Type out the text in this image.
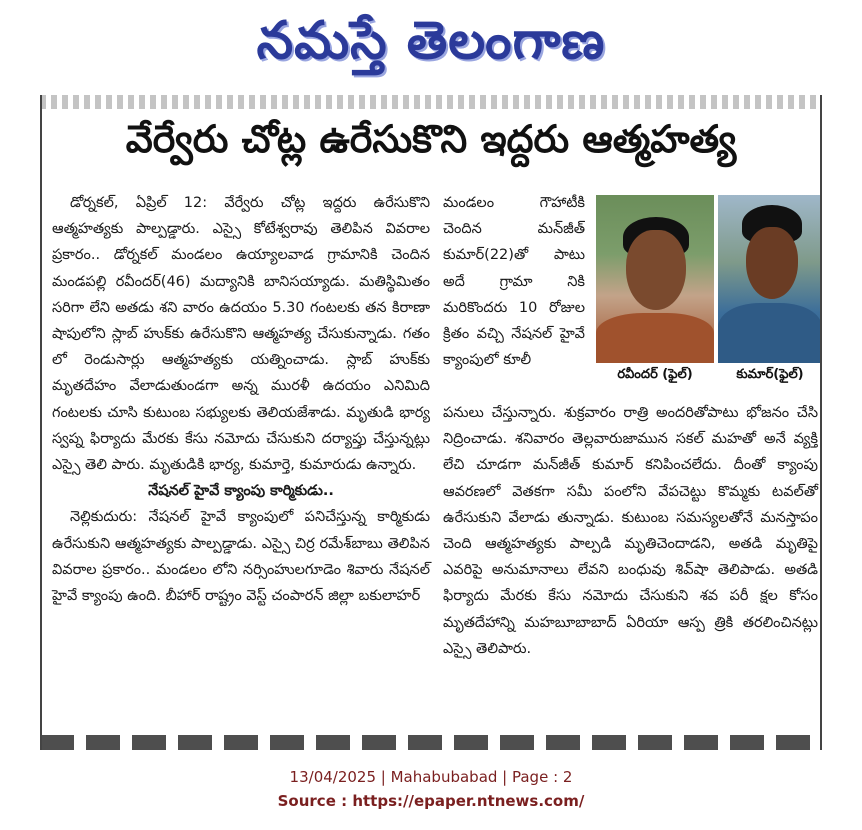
నమస్తే తెలంగాణ
వేర్వేరు చోట్ల ఉరేసుకొని ఇద్దరు ఆత్మహత్య
డోర్నకల్, ఏప్రిల్ 12: వేర్వేరు చోట్ల ఇద్దరు ఉరేసుకొని ఆత్మహత్యకు పాల్పడ్డారు. ఎస్సై కోటేశ్వరావు తెలిపిన వివరాల ప్రకారం.. డోర్నకల్ మండలం ఉయ్యాలవాడ గ్రామానికి చెందిన మండపల్లి రవీందర్(46) మద్యానికి బానిసయ్యాడు. మతిస్థిమితం సరిగా లేని అతడు శని వారం ఉదయం 5.30 గంటలకు తన కిరాణా షాపులోని స్లాబ్ హుక్‌కు ఉరేసుకొని ఆత్మహత్య చేసుకున్నాడు. గతం లో రెండుసార్లు ఆత్మహత్యకు యత్నించాడు. స్లాబ్ హుక్‌కు మృతదేహం వేలాడుతుండగా అన్న మురళీ ఉదయం ఎనిమిది గంటలకు చూసి కుటుంబ సభ్యులకు తెలియజేశాడు. మృతుడి భార్య స్వప్న ఫిర్యాదు మేరకు కేసు నమోదు చేసుకుని దర్యాప్తు చేస్తున్నట్లు ఎస్సై తెలి పారు. మృతుడికి భార్య, కుమార్తె, కుమారుడు ఉన్నారు.
నేషనల్ హైవే క్యాంపు కార్మికుడు..
నెల్లికుదురు: నేషనల్ హైవే క్యాంపులో పనిచేస్తున్న కార్మికుడు ఉరేసుకుని ఆత్మహత్యకు పాల్పడ్డాడు. ఎస్సై చిర్ర రమేశ్‌బాబు తెలిపిన వివరాల ప్రకారం.. మండలం లోని నర్సింహులగూడెం శివారు నేషనల్ హైవే క్యాంపు ఉంది. బీహార్ రాష్ట్రం వెస్ట్ చంపారన్ జిల్లా బకులాహర్
మండలం గౌహాటీకి చెందిన మన్‌జీత్ కుమార్(22)తో పాటు అదే గ్రామా నికి మరికొందరు 10 రోజుల క్రితం వచ్చి నేషనల్ హైవే క్యాంపులో కూలీ
రవీందర్ (ఫైల్)	కుమార్(ఫైల్)
పనులు చేస్తున్నారు. శుక్రవారం రాత్రి అందరితోపాటు భోజనం చేసి నిద్రించాడు. శనివారం తెల్లవారుజామున సకల్ మహతో అనే వ్యక్తి లేచి చూడగా మన్‌జీత్ కుమార్ కనిపించలేదు. దీంతో క్యాంపు ఆవరణలో వెతకగా సమీ పంలోని వేపచెట్టు కొమ్మకు టవల్‌తో ఉరేసుకుని వేలాడు తున్నాడు. కుటుంబ సమస్యలతోనే మనస్తాపం చెంది ఆత్మహత్యకు పాల్పడి మృతిచెందాడని, అతడి మృతిపై ఎవరిపై అనుమానాలు లేవని బంధువు శివ్‌షా తెలిపాడు. అతడి ఫిర్యాదు మేరకు కేసు నమోదు చేసుకుని శవ పరీ క్షల కోసం మృతదేహాన్ని మహబూబాబాద్ ఏరియా ఆస్ప త్రికి తరలించినట్లు ఎస్సై తెలిపారు.
13/04/2025 | Mahabubabad | Page : 2
Source : https://epaper.ntnews.com/
